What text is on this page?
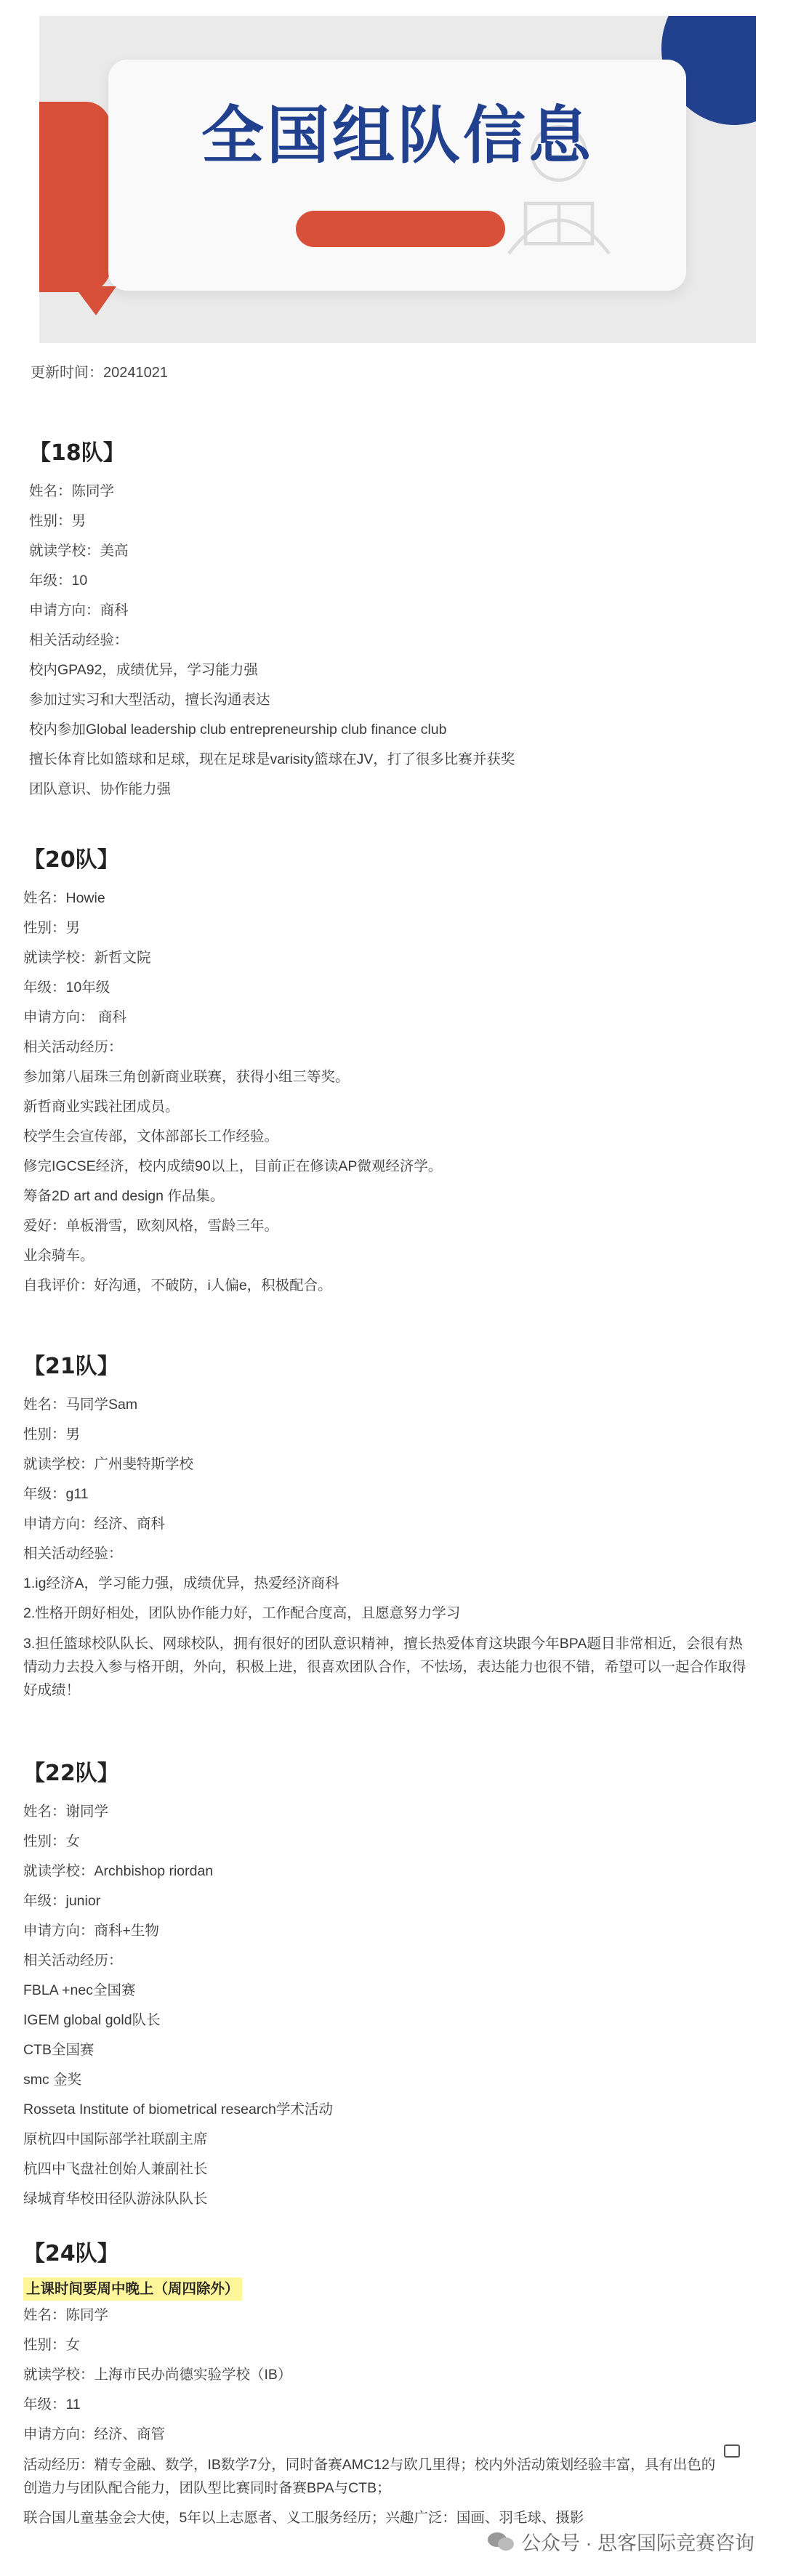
全国组队信息
更新时间：20241021
【18队】
姓名：陈同学
性别：男
就读学校：美高
年级：10
申请方向：商科
相关活动经验：
校内GPA92，成绩优异，学习能力强
参加过实习和大型活动，擅长沟通表达
校内参加Global leadership club entrepreneurship club finance club
擅长体育比如篮球和足球，现在足球是varisity篮球在JV，打了很多比赛并获奖
团队意识、协作能力强
【20队】
姓名：Howie
性别：男
就读学校：新哲文院
年级：10年级
申请方向： 商科
相关活动经历：
参加第八届珠三角创新商业联赛，获得小组三等奖。
新哲商业实践社团成员。
校学生会宣传部，文体部部长工作经验。
修完IGCSE经济，校内成绩90以上，目前正在修读AP微观经济学。
筹备2D art and design 作品集。
爱好：单板滑雪，欧刻风格，雪龄三年。
业余骑车。
自我评价：好沟通，不破防，i人偏e，积极配合。
【21队】
姓名：马同学Sam
性别：男
就读学校：广州斐特斯学校
年级：g11
申请方向：经济、商科
相关活动经验：
1.ig经济A，学习能力强，成绩优异，热爱经济商科
2.性格开朗好相处，团队协作能力好，工作配合度高，且愿意努力学习
3.担任篮球校队队长、网球校队，拥有很好的团队意识精神，擅长热爱体育这块跟今年BPA题目非常相近，会很有热情动力去投入参与格开朗，外向，积极上进，很喜欢团队合作，不怯场，表达能力也很不错，希望可以一起合作取得好成绩！
【22队】
姓名：谢同学
性别：女
就读学校：Archbishop riordan
年级：junior
申请方向：商科+生物
相关活动经历：
FBLA +nec全国赛
IGEM global gold队长
CTB全国赛
smc 金奖
Rosseta Institute of biometrical research学术活动
原杭四中国际部学社联副主席
杭四中飞盘社创始人兼副社长
绿城育华校田径队游泳队队长
【24队】
上课时间要周中晚上（周四除外）
姓名：陈同学
性别：女
就读学校：上海市民办尚德实验学校（IB）
年级：11
申请方向：经济、商管
活动经历：精专金融、数学，IB数学7分，同时备赛AMC12与欧几里得；校内外活动策划经验丰富，具有出色的创造力与团队配合能力，团队型比赛同时备赛BPA与CTB；
联合国儿童基金会大使，5年以上志愿者、义工服务经历；兴趣广泛：国画、羽毛球、摄影
公众号 · 思客国际竞赛咨询
